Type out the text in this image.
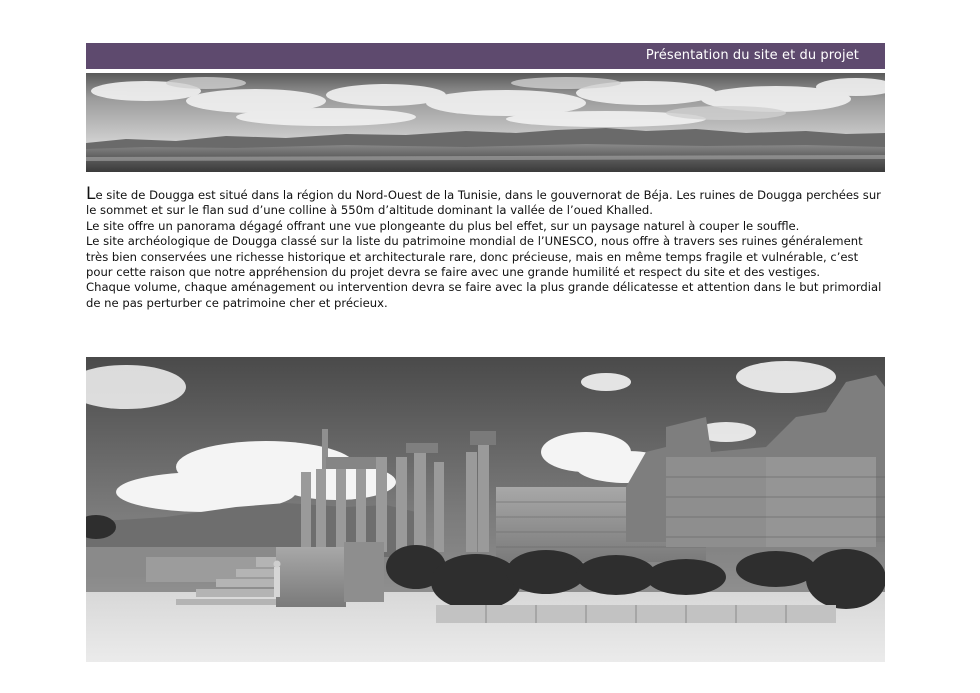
Présentation du site et du projet

Le site de Dougga est situé dans la région du Nord-Ouest de la Tunisie, dans le gouvernorat de Béja. Les ruines de Dougga perchées sur le sommet et sur le flan sud d’une colline à 550m d’altitude dominant la vallée de l’oued Khalled.

Le site offre un panorama dégagé offrant une vue plongeante du plus bel effet, sur un paysage naturel à couper le souffle.

Le site archéologique de Dougga classé sur la liste du patrimoine mondial de l’UNESCO, nous offre à travers ses ruines généralement très bien conservées une richesse historique et architecturale rare, donc précieuse, mais en même temps fragile et vulnérable, c’est pour cette raison que notre appréhension du projet devra se faire avec une grande humilité et respect du site et des vestiges.

Chaque volume, chaque aménagement ou intervention devra se faire avec la plus grande délicatesse et attention dans le but primordial de ne pas perturber ce patrimoine cher et précieux.
